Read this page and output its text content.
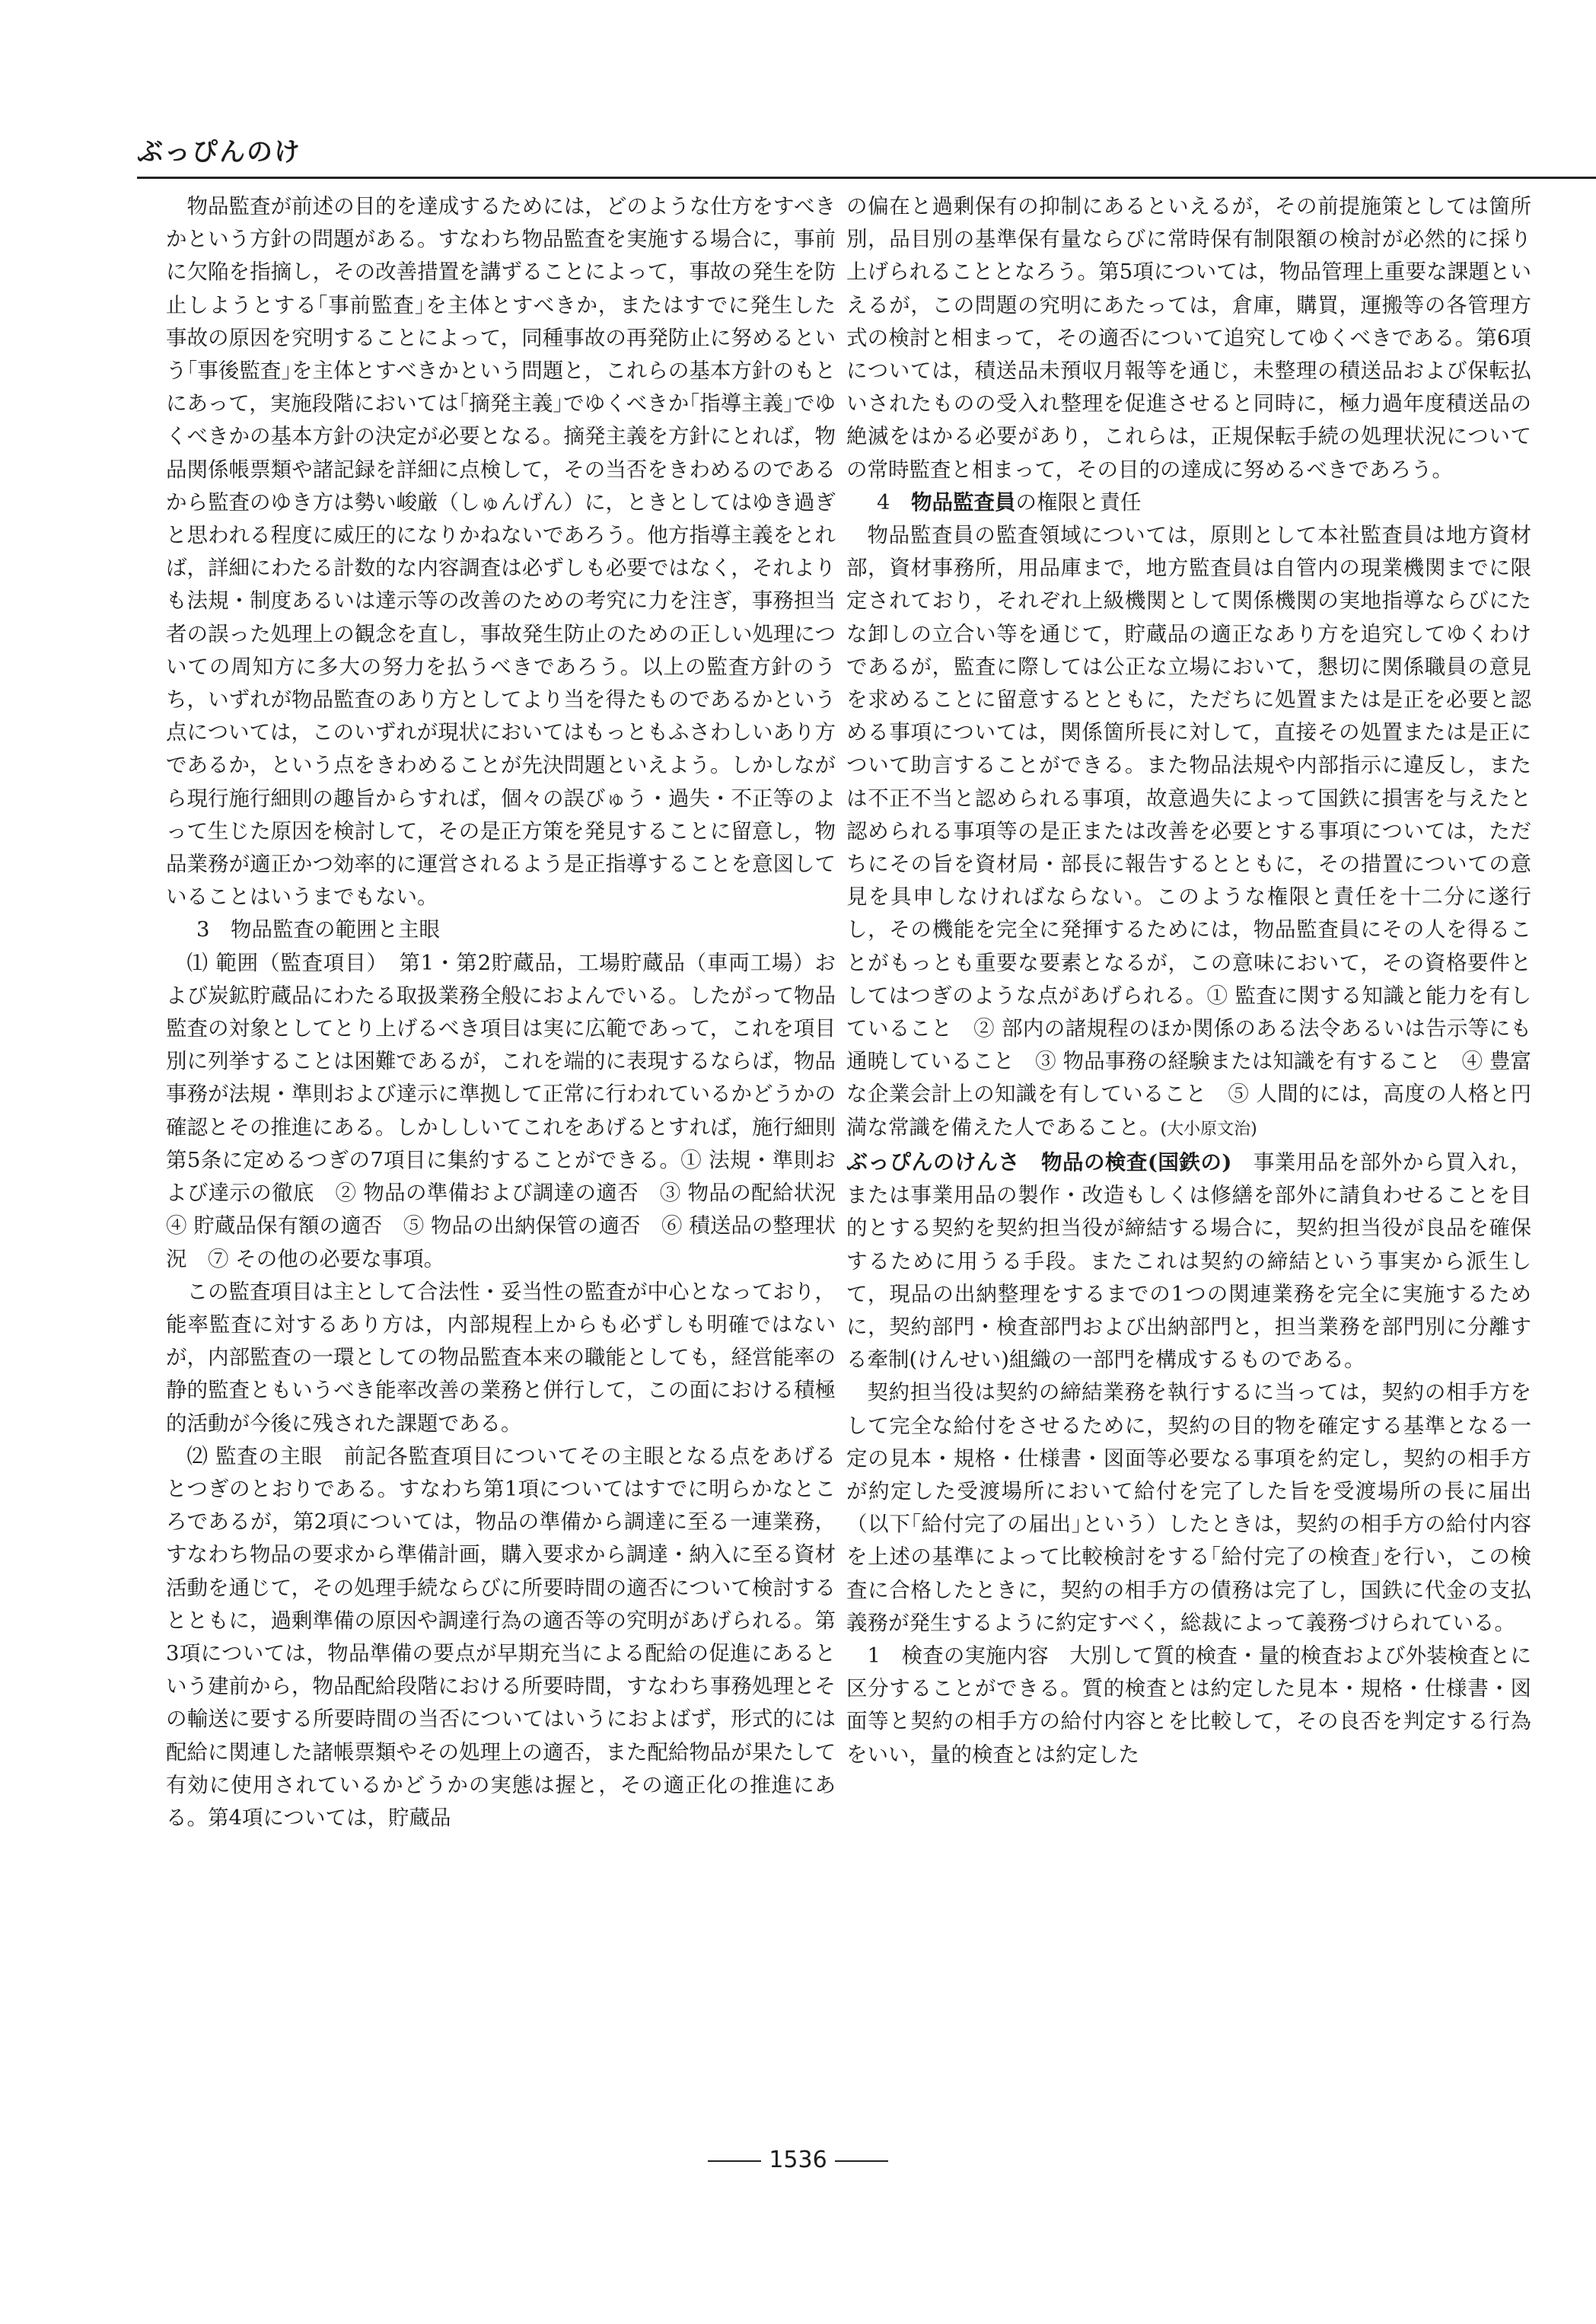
ぶっぴんのけ

物品監査が前述の目的を達成するためには，どのような仕方をすべきかという方針の問題がある。すなわち物品監査を実施する場合に，事前に欠陥を指摘し，その改善措置を講ずることによって，事故の発生を防止しようとする｢事前監査｣を主体とすべきか，またはすでに発生した事故の原因を究明することによって，同種事故の再発防止に努めるという｢事後監査｣を主体とすべきかという問題と，これらの基本方針のもとにあって，実施段階においては｢摘発主義｣でゆくべきか｢指導主義｣でゆくべきかの基本方針の決定が必要となる。摘発主義を方針にとれば，物品関係帳票類や諸記録を詳細に点検して，その当否をきわめるのであるから監査のゆき方は勢い峻厳（しゅんげん）に，ときとしてはゆき過ぎと思われる程度に威圧的になりかねないであろう。他方指導主義をとれば，詳細にわたる計数的な内容調査は必ずしも必要ではなく，それよりも法規・制度あるいは達示等の改善のための考究に力を注ぎ，事務担当者の誤った処理上の観念を直し，事故発生防止のための正しい処理についての周知方に多大の努力を払うべきであろう。以上の監査方針のうち，いずれが物品監査のあり方としてより当を得たものであるかという点については，このいずれが現状においてはもっともふさわしいあり方であるか，という点をきわめることが先決問題といえよう。しかしながら現行施行細則の趣旨からすれば，個々の誤びゅう・過失・不正等のよって生じた原因を検討して，その是正方策を発見することに留意し，物品業務が適正かつ効率的に運営されるよう是正指導することを意図していることはいうまでもない。

3　物品監査の範囲と主眼

⑴ 範囲（監査項目）　第1・第2貯蔵品，工場貯蔵品（車両工場）および炭鉱貯蔵品にわたる取扱業務全般におよんでいる。したがって物品監査の対象としてとり上げるべき項目は実に広範であって，これを項目別に列挙することは困難であるが，これを端的に表現するならば，物品事務が法規・準則および達示に準拠して正常に行われているかどうかの確認とその推進にある。しかししいてこれをあげるとすれば，施行細則第5条に定めるつぎの7項目に集約することができる。① 法規・準則および達示の徹底　② 物品の準備および調達の適否　③ 物品の配給状況　④ 貯蔵品保有額の適否　⑤ 物品の出納保管の適否　⑥ 積送品の整理状況　⑦ その他の必要な事項。

この監査項目は主として合法性・妥当性の監査が中心となっており，能率監査に対するあり方は，内部規程上からも必ずしも明確ではないが，内部監査の一環としての物品監査本来の職能としても，経営能率の静的監査ともいうべき能率改善の業務と併行して，この面における積極的活動が今後に残された課題である。

⑵ 監査の主眼　前記各監査項目についてその主眼となる点をあげるとつぎのとおりである。すなわち第1項についてはすでに明らかなところであるが，第2項については，物品の準備から調達に至る一連業務，すなわち物品の要求から準備計画，購入要求から調達・納入に至る資材活動を通じて，その処理手続ならびに所要時間の適否について検討するとともに，過剰準備の原因や調達行為の適否等の究明があげられる。第3項については，物品準備の要点が早期充当による配給の促進にあるという建前から，物品配給段階における所要時間，すなわち事務処理とその輸送に要する所要時間の当否についてはいうにおよばず，形式的には配給に関連した諸帳票類やその処理上の適否，また配給物品が果たして有効に使用されているかどうかの実態は握と，その適正化の推進にある。第4項については，貯蔵品

の偏在と過剰保有の抑制にあるといえるが，その前提施策としては箇所別，品目別の基準保有量ならびに常時保有制限額の検討が必然的に採り上げられることとなろう。第5項については，物品管理上重要な課題といえるが，この問題の究明にあたっては，倉庫，購買，運搬等の各管理方式の検討と相まって，その適否について追究してゆくべきである。第6項については，積送品未預収月報等を通じ，未整理の積送品および保転払いされたものの受入れ整理を促進させると同時に，極力過年度積送品の絶滅をはかる必要があり，これらは，正規保転手続の処理状況についての常時監査と相まって，その目的の達成に努めるべきであろう。

4　 物品監査員の権限と責任

物品監査員の監査領域については，原則として本社監査員は地方資材部，資材事務所，用品庫まで，地方監査員は自管内の現業機関までに限定されており，それぞれ上級機関として関係機関の実地指導ならびにたな卸しの立合い等を通じて，貯蔵品の適正なあり方を追究してゆくわけであるが，監査に際しては公正な立場において，懇切に関係職員の意見を求めることに留意するとともに，ただちに処置または是正を必要と認める事項については，関係箇所長に対して，直接その処置または是正について助言することができる。また物品法規や内部指示に違反し，または不正不当と認められる事項，故意過失によって国鉄に損害を与えたと認められる事項等の是正または改善を必要とする事項については，ただちにその旨を資材局・部長に報告するとともに，その措置についての意見を具申しなければならない。このような権限と責任を十二分に遂行し，その機能を完全に発揮するためには，物品監査員にその人を得ることがもっとも重要な要素となるが，この意味において，その資格要件としてはつぎのような点があげられる。① 監査に関する知識と能力を有していること　② 部内の諸規程のほか関係のある法令あるいは告示等にも通暁していること　③ 物品事務の経験または知識を有すること　④ 豊富な企業会計上の知識を有していること　⑤ 人間的には，高度の人格と円満な常識を備えた人であること。(大小原文治)

ぶっぴんのけんさ　 物品の検査(国鉄の)　 事業用品を部外から買入れ，または事業用品の製作・改造もしくは修繕を部外に請負わせることを目的とする契約を契約担当役が締結する場合に，契約担当役が良品を確保するために用うる手段。またこれは契約の締結という事実から派生して，現品の出納整理をするまでの1つの関連業務を完全に実施するために，契約部門・検査部門および出納部門と，担当業務を部門別に分離する牽制(けんせい)組織の一部門を構成するものである。

契約担当役は契約の締結業務を執行するに当っては，契約の相手方をして完全な給付をさせるために，契約の目的物を確定する基準となる一定の見本・規格・仕様書・図面等必要なる事項を約定し，契約の相手方が約定した受渡場所において給付を完了した旨を受渡場所の長に届出（以下｢給付完了の届出｣という）したときは，契約の相手方の給付内容を上述の基準によって比較検討をする｢給付完了の検査｣を行い，この検査に合格したときに，契約の相手方の債務は完了し，国鉄に代金の支払義務が発生するように約定すべく，総裁によって義務づけられている。

1　検査の実施内容　大別して質的検査・量的検査および外装検査とに区分することができる。質的検査とは約定した見本・規格・仕様書・図面等と契約の相手方の給付内容とを比較して，その良否を判定する行為をいい，量的検査とは約定した

1536
